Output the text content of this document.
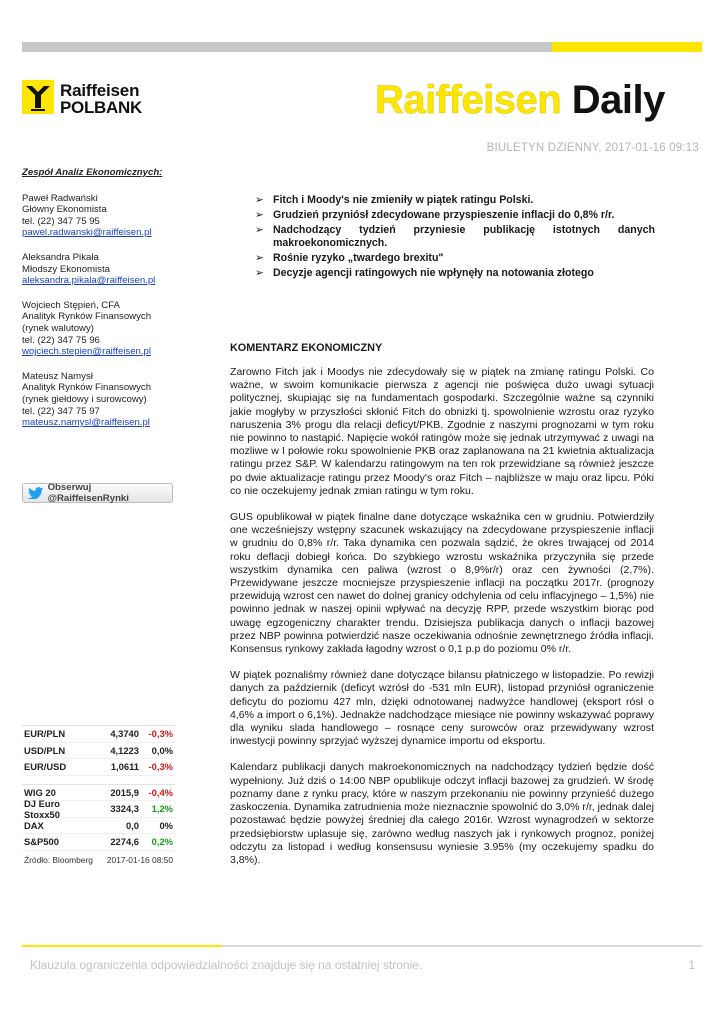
Raiffeisen
POLBANK	Raiffeisen Daily
BIULETYN DZIENNY, 2017-01-16 09:13
Zespół Analiz Ekonomicznych:
Paweł Radwański
Główny Ekonomista
tel. (22) 347 75 95
pawel.radwanski@raiffeisen.pl
Aleksandra Pikała
Młodszy Ekonomista
aleksandra.pikala@raiffeisen.pl
Wojciech Stępień, CFA
Analityk Rynków Finansowych
(rynek walutowy)
tel. (22) 347 75 96
wojciech.stepien@raiffeisen.pl
Mateusz Namysł
Analityk Rynków Finansowych
(rynek giełdowy i surowcowy)
tel. (22) 347 75 97
mateusz.namysl@raiffeisen.pl
Obserwuj @RaiffeisenRynki
EUR/PLN	4,3740	-0,3%
USD/PLN	4,1223	0,0%
EUR/USD	1,0611	-0,3%
WIG 20	2015,9	-0,4%
DJ Euro Stoxx50	3324,3	1,2%
DAX	0,0	0%
S&P500	2274,6	0,2%
Źródło: Bloomberg 2017-01-16 08:50
➢ Fitch i Moody's nie zmieniły w piątek ratingu Polski.
➢ Grudzień przyniósł zdecydowane przyspieszenie inflacji do 0,8% r/r.
➢ Nadchodzący tydzień przyniesie publikację istotnych danych makroekonomicznych.
➢ Rośnie ryzyko „twardego brexitu"
➢ Decyzje agencji ratingowych nie wpłynęły na notowania złotego
KOMENTARZ EKONOMICZNY

Zarowno Fitch jak i Moodys nie zdecydowały się w piątek na zmianę ratingu Polski. Co ważne, w swoim komunikacie pierwsza z agencji nie poświęca dużo uwagi sytuacji politycznej, skupiając się na fundamentach gospodarki. Szczególnie ważne są czynniki jakie mogłyby w przyszłości skłonić Fitch do obnizki tj. spowolnienie wzrostu oraz ryzyko naruszenia 3% progu dla relacji deficyt/PKB. Zgodnie z naszymi prognozami w tym roku nie powinno to nastąpić. Napięcie wokół ratingów może się jednak utrzymywać z uwagi na mozliwe w I połowie roku spowolnienie PKB oraz zaplanowana na 21 kwietnia aktualizacja ratingu przez S&P. W kalendarzu ratingowym na ten rok przewidziane są również jeszcze po dwie aktualizacje ratingu przez Moody's oraz Fitch – najbliższe w maju oraz lipcu. Póki co nie oczekujemy jednak zmian ratingu w tym roku.

GUS opublikował w piątek finalne dane dotyczące wskaźnika cen w grudniu. Potwierdziły one wcześniejszy wstępny szacunek wskazujący na zdecydowane przyspieszenie inflacji w grudniu do 0,8% r/r. Taka dynamika cen pozwala sądzić, że okres trwającej od 2014 roku deflacji dobiegł końca. Do szybkiego wzrostu wskaźnika przyczyniła się przede wszystkim dynamika cen paliwa (wzrost o 8,9%r/r) oraz cen żywności (2,7%). Przewidywane jeszcze mocniejsze przyspieszenie inflacji na początku 2017r. (prognozy przewidują wzrost cen nawet do dolnej granicy odchylenia od celu inflacyjnego – 1,5%) nie powinno jednak w naszej opinii wpływać na decyzję RPP, przede wszystkim biorąc pod uwagę egzogeniczny charakter trendu. Dzisiejsza publikacja danych o inflacji bazowej przez NBP powinna potwierdzić nasze oczekiwania odnośnie zewnętrznego źródła inflacji. Konsensus rynkowy zakłada łagodny wzrost o 0,1 p.p do poziomu 0% r/r.

W piątek poznaliśmy również dane dotyczące bilansu płatniczego w listopadzie. Po rewizji danych za październik (deficyt wzrósł do -531 mln EUR), listopad przyniósł ograniczenie deficytu do poziomu 427 mln, dzięki odnotowanej nadwyżce handlowej (eksport rósł o 4,6% a import o 6,1%). Jednakże nadchodzące miesiące nie powinny wskazywać poprawy dla wyniku slada handlowego – rosnące ceny surowców oraz przewidywany wzrost inwestycji powinny sprzyjać wyższej dynamice importu od eksportu.

Kalendarz publikacji danych makroekonomicznych na nadchodzący tydzień będzie dość wypełniony. Już dziś o 14:00 NBP opublikuje odczyt inflacji bazowej za grudzień. W środę poznamy dane z rynku pracy, które w naszym przekonaniu nie powinny przynieść dużego zaskoczenia. Dynamika zatrudnienia może nieznacznie spowolnić do 3,0% r/r, jednak dalej pozostawać będzie powyżej średniej dla całego 2016r. Wzrost wynagrodzeń w sektorze przedsiębiorstw uplasuje się, zarówno według naszych jak i rynkowych prognoz, poniżej odczytu za listopad i według konsensusu wyniesie 3.95% (my oczekujemy spadku do 3,8%).

Klauzula ograniczenia odpowiedzialności znajduje się na ostatniej stronie.	1
